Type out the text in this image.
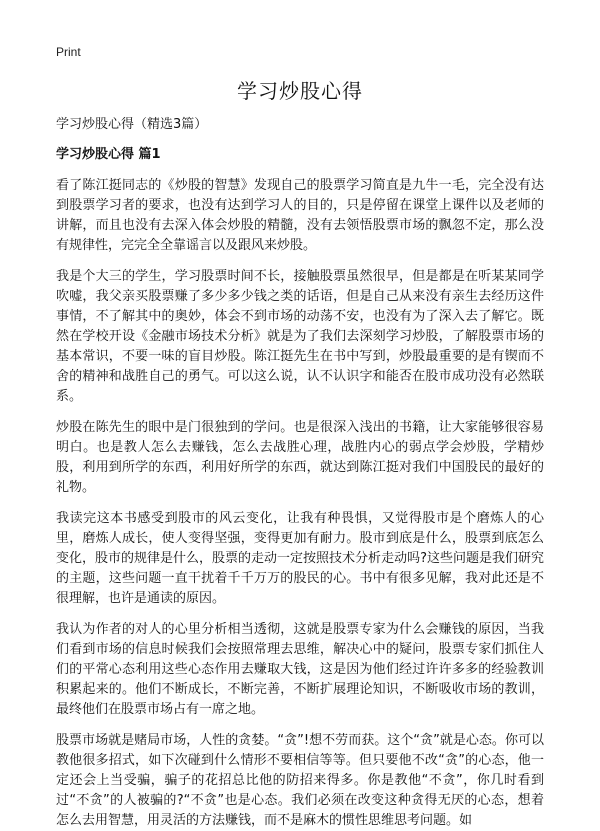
Print
学习炒股心得
学习炒股心得（精选3篇）
学习炒股心得 篇1

看了陈江挺同志的《炒股的智慧》发现自己的股票学习简直是九牛一毛，完全没有达到股票学习者的要求，也没有达到学习人的目的，只是停留在课堂上课件以及老师的讲解，而且也没有去深入体会炒股的精髓，没有去领悟股票市场的飘忽不定，那么没有规律性，完完全全靠谣言以及跟风来炒股。

我是个大三的学生，学习股票时间不长，接触股票虽然很早，但是都是在听某某同学吹嘘，我父亲买股票赚了多少多少钱之类的话语，但是自己从来没有亲生去经历这件事情，不了解其中的奥妙，体会不到市场的动荡不安，也没有为了深入去了解它。既然在学校开设《金融市场技术分析》就是为了我们去深刻学习炒股，了解股票市场的基本常识，不要一味的盲目炒股。陈江挺先生在书中写到，炒股最重要的是有锲而不舍的精神和战胜自己的勇气。可以这么说，认不认识字和能否在股市成功没有必然联系。

炒股在陈先生的眼中是门很独到的学问。也是很深入浅出的书籍，让大家能够很容易明白。也是教人怎么去赚钱，怎么去战胜心理，战胜内心的弱点学会炒股，学精炒股，利用到所学的东西，利用好所学的东西，就达到陈江挺对我们中国股民的最好的礼物。

我读完这本书感受到股市的风云变化，让我有种畏惧，又觉得股市是个磨炼人的心里，磨炼人成长，使人变得坚强，变得更加有耐力。股市到底是什么，股票到底怎么变化，股市的规律是什么，股票的走动一定按照技术分析走动吗?这些问题是我们研究的主题，这些问题一直干扰着千千万万的股民的心。书中有很多见解，我对此还是不很理解，也许是通读的原因。

我认为作者的对人的心里分析相当透彻，这就是股票专家为什么会赚钱的原因，当我们看到市场的信息时候我们会按照常理去思维，解决心中的疑问，股票专家们抓住人们的平常心态利用这些心态作用去赚取大钱，这是因为他们经过许许多多的经验教训积累起来的。他们不断成长，不断完善，不断扩展理论知识，不断吸收市场的教训，最终他们在股票市场占有一席之地。

股票市场就是赌局市场，人性的贪婪。“贪”!想不劳而获。这个“贪”就是心态。你可以教他很多招式，如下次碰到什么情形不要相信等等。但只要他不改“贪”的心态，他一定还会上当受骗，骗子的花招总比他的防招来得多。你是教他“不贪”，你几时看到过“不贪”的人被骗的?“不贪”也是心态。我们必须在改变这种贪得无厌的心态，想着怎么去用智慧，用灵活的方法赚钱，而不是麻木的惯性思维思考问题。如
